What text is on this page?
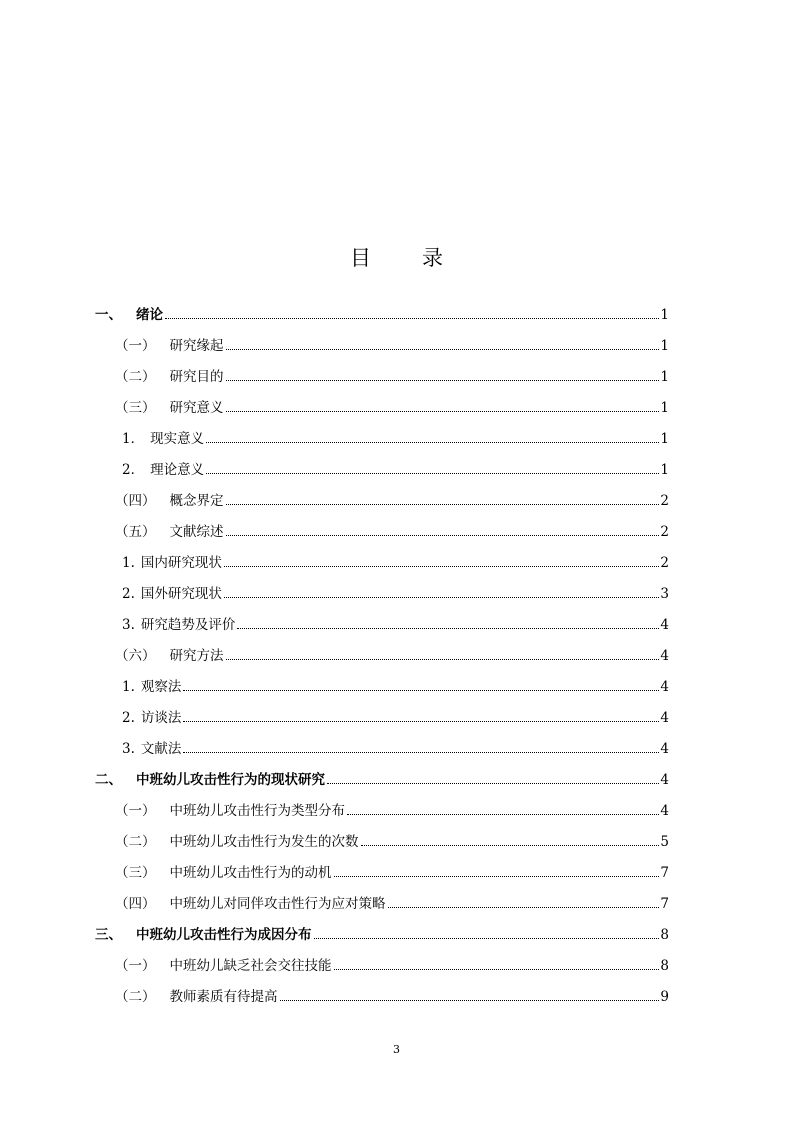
目　录
一、 绪论	1
（一） 研究缘起	1
（二） 研究目的	1
（三） 研究意义	1
1． 现实意义	1
2． 理论意义	1
（四） 概念界定	2
（五） 文献综述	2
1. 国内研究现状	2
2. 国外研究现状	3
3. 研究趋势及评价	4
（六） 研究方法	4
1. 观察法	4
2. 访谈法	4
3. 文献法	4
二、 中班幼儿攻击性行为的现状研究	4
（一） 中班幼儿攻击性行为类型分布	4
（二） 中班幼儿攻击性行为发生的次数	5
（三） 中班幼儿攻击性行为的动机	7
（四） 中班幼儿对同伴攻击性行为应对策略	7
三、 中班幼儿攻击性行为成因分布	8
（一） 中班幼儿缺乏社会交往技能	8
（二） 教师素质有待提高	9
3
